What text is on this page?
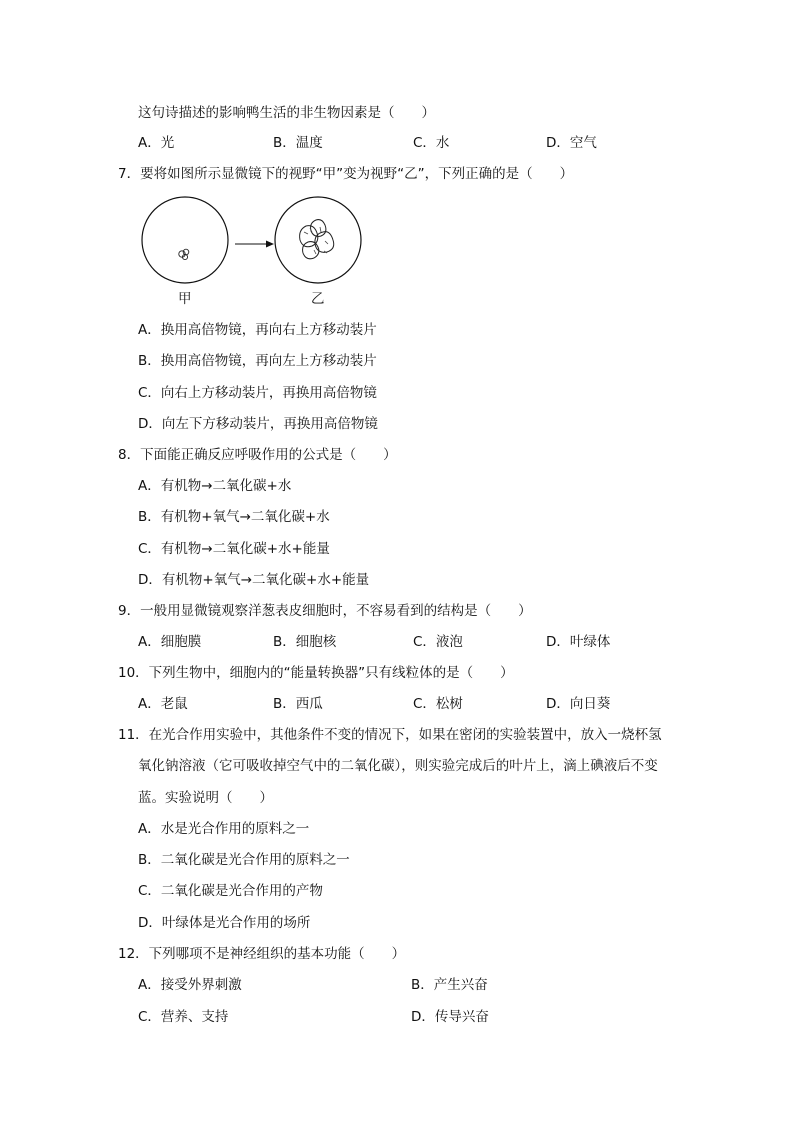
这句诗描述的影响鸭生活的非生物因素是（　　）
A．光	B．温度	C．水	D．空气
7．要将如图所示显微镜下的视野“甲”变为视野“乙”，下列正确的是（　　）
甲	乙
A．换用高倍物镜，再向右上方移动装片
B．换用高倍物镜，再向左上方移动装片
C．向右上方移动装片，再换用高倍物镜
D．向左下方移动装片，再换用高倍物镜
8．下面能正确反应呼吸作用的公式是（　　）
A．有机物→二氧化碳+水
B．有机物+氧气→二氧化碳+水
C．有机物→二氧化碳+水+能量
D．有机物+氧气→二氧化碳+水+能量
9．一般用显微镜观察洋葱表皮细胞时，不容易看到的结构是（　　）
A．细胞膜	B．细胞核	C．液泡	D．叶绿体
10．下列生物中，细胞内的“能量转换器”只有线粒体的是（　　）
A．老鼠	B．西瓜	C．松树	D．向日葵
11．在光合作用实验中，其他条件不变的情况下，如果在密闭的实验装置中，放入一烧杯氢
氧化钠溶液（它可吸收掉空气中的二氧化碳），则实验完成后的叶片上，滴上碘液后不变
蓝。实验说明（　　）
A．水是光合作用的原料之一
B．二氧化碳是光合作用的原料之一
C．二氧化碳是光合作用的产物
D．叶绿体是光合作用的场所
12．下列哪项不是神经组织的基本功能（　　）
A．接受外界刺激	B．产生兴奋
C．营养、支持	D．传导兴奋
